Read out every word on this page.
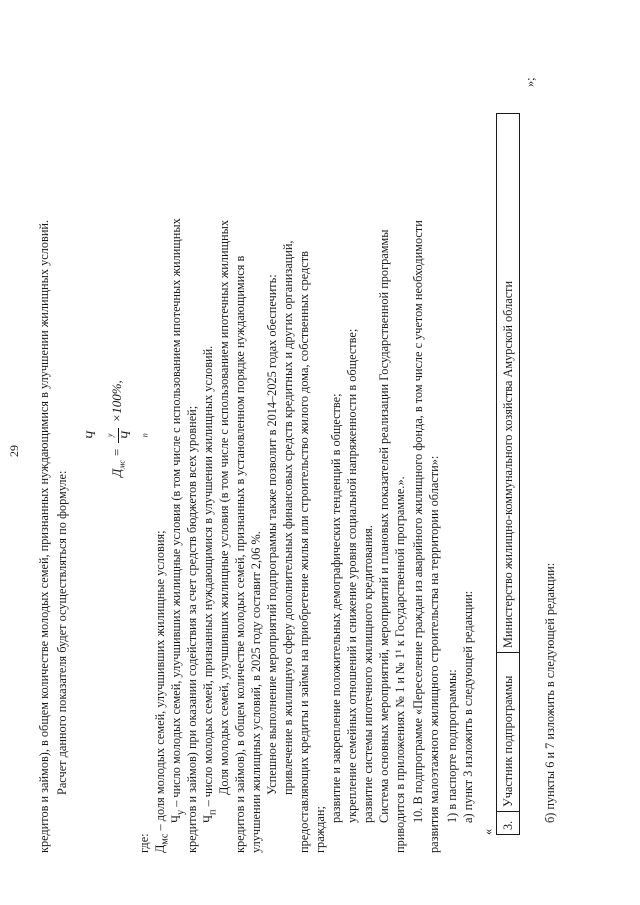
29 кредитов и займов), в общем количестве молодых семей, признанных нуждающимися в улучшении жилищных условий. Расчет данного показателя будет осуществляться по формуле:	$Д_{мс}$ =
Ч $_у$ Ч $_п$
×100%,
где: $Д_{мс}$ – доля молодых семей, улучшивших жилищные условия; $Ч_у$ – число молодых семей, улучшивших жилищные условия (в том числе с использованием ипотечных жилищных кредитов и займов) при оказании содействия за счет средств бюджетов всех уровней; $Ч_п$ – число молодых семей, признанных нуждающимися в улучшении жилищных условий. Доля молодых семей, улучшивших жилищные условия (в том числе с использованием ипотечных жилищных кредитов и займов), в общем количестве молодых семей, признанных в установленном порядке нуждающимися в улучшении жилищных условий, в 2025 году составит 2,06 %. Успешное выполнение мероприятий подпрограммы также позволит в 2014–2025 годах обеспечить: привлечение в жилищную сферу дополнительных финансовых средств кредитных и других организаций, предоставляющих кредиты и займы на приобретение жилья или строительство жилого дома, собственных средств граждан;
развитие и закрепление положительных демографических тенденций в обществе; укрепление семейных отношений и снижение уровня социальной напряженности в обществе; развитие системы ипотечного жилищного кредитования. Система основных мероприятий, мероприятий и плановых показателей реализации Государственной программы приводится в приложениях № 1 и № 1¹ к Государственной программе.». 10. В подпрограмме «Переселение граждан из аварийного жилищного фонда, в том числе с учетом необходимости развития малоэтажного жилищного строительства на территории области»: 1) в паспорте подпрограммы: а) пункт 3 изложить в следующей редакции:
«
3.	Участник подпрограммы	Министерство жилищно-коммунального хозяйства Амурской области
»;
б) пункты 6 и 7 изложить в следующей редакции:
